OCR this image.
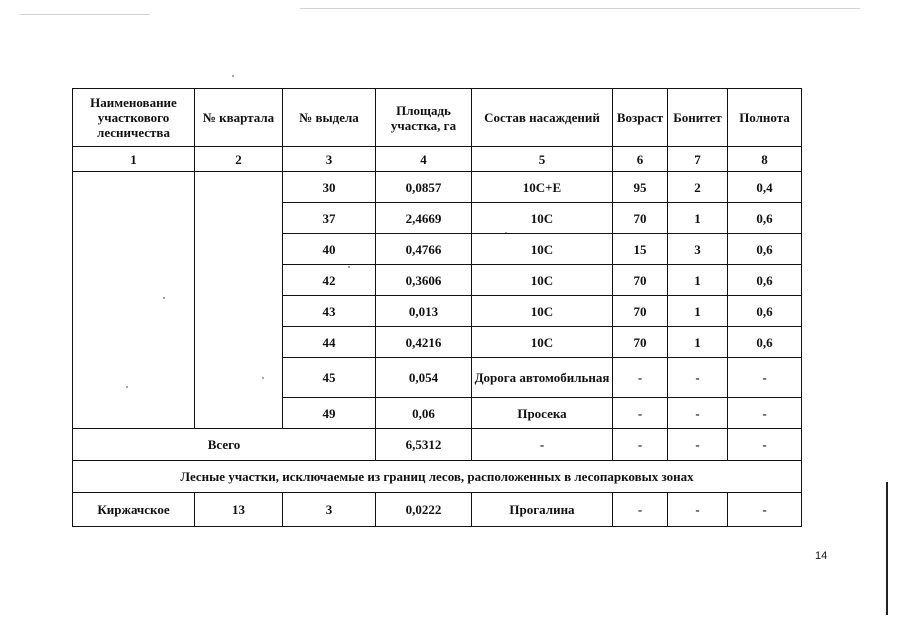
Наименование участкового лесничества	№ квартала	№ выдела	Площадь участка, га	Состав насаждений	Возраст	Бонитет	Полнота
1	2	3	4	5	6	7	8
		30	0,0857	10С+Е	95	2	0,4
		37	2,4669	10С	70	1	0,6
		40	0,4766	10С	15	3	0,6
		42	0,3606	10С	70	1	0,6
		43	0,013	10С	70	1	0,6
		44	0,4216	10С	70	1	0,6
		45	0,054	Дорога автомобильная	-	-	-
		49	0,06	Просека	-	-	-
Всего			6,5312	-	-	-	-
Лесные участки, исключаемые из границ лесов, расположенных в лесопарковых зонах							
Киржачское	13	3	0,0222	Прогалина	-	-	-
14
